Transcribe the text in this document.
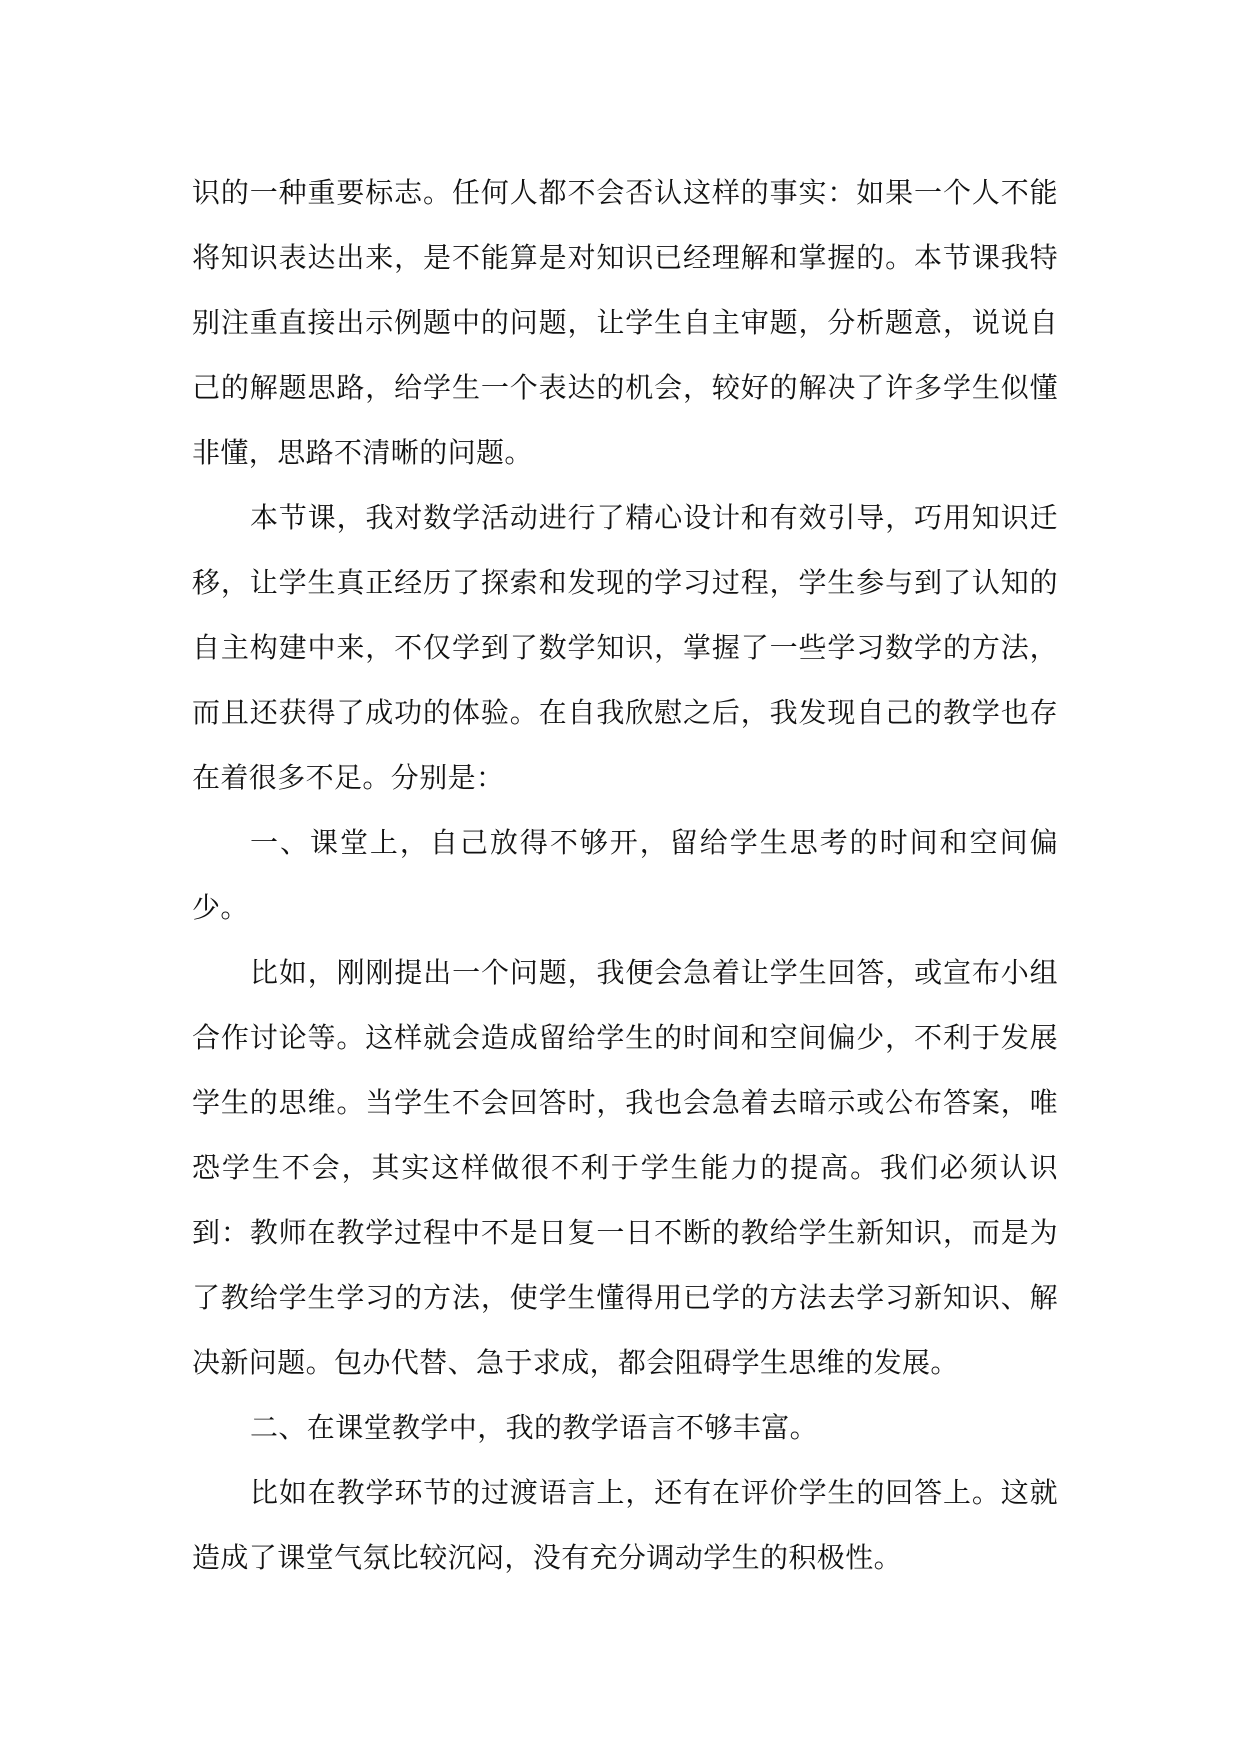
识的一种重要标志。任何人都不会否认这样的事实：如果一个人不能将知识表达出来，是不能算是对知识已经理解和掌握的。本节课我特别注重直接出示例题中的问题，让学生自主审题，分析题意，说说自己的解题思路，给学生一个表达的机会，较好的解决了许多学生似懂非懂，思路不清晰的问题。

本节课，我对数学活动进行了精心设计和有效引导，巧用知识迁移，让学生真正经历了探索和发现的学习过程，学生参与到了认知的自主构建中来，不仅学到了数学知识，掌握了一些学习数学的方法，而且还获得了成功的体验。在自我欣慰之后，我发现自己的教学也存在着很多不足。分别是：

一、课堂上，自己放得不够开，留给学生思考的时间和空间偏少。

比如，刚刚提出一个问题，我便会急着让学生回答，或宣布小组合作讨论等。这样就会造成留给学生的时间和空间偏少，不利于发展学生的思维。当学生不会回答时，我也会急着去暗示或公布答案，唯恐学生不会，其实这样做很不利于学生能力的提高。我们必须认识到：教师在教学过程中不是日复一日不断的教给学生新知识，而是为了教给学生学习的方法，使学生懂得用已学的方法去学习新知识、解决新问题。包办代替、急于求成，都会阻碍学生思维的发展。

二、在课堂教学中，我的教学语言不够丰富。

比如在教学环节的过渡语言上，还有在评价学生的回答上。这就造成了课堂气氛比较沉闷，没有充分调动学生的积极性。
